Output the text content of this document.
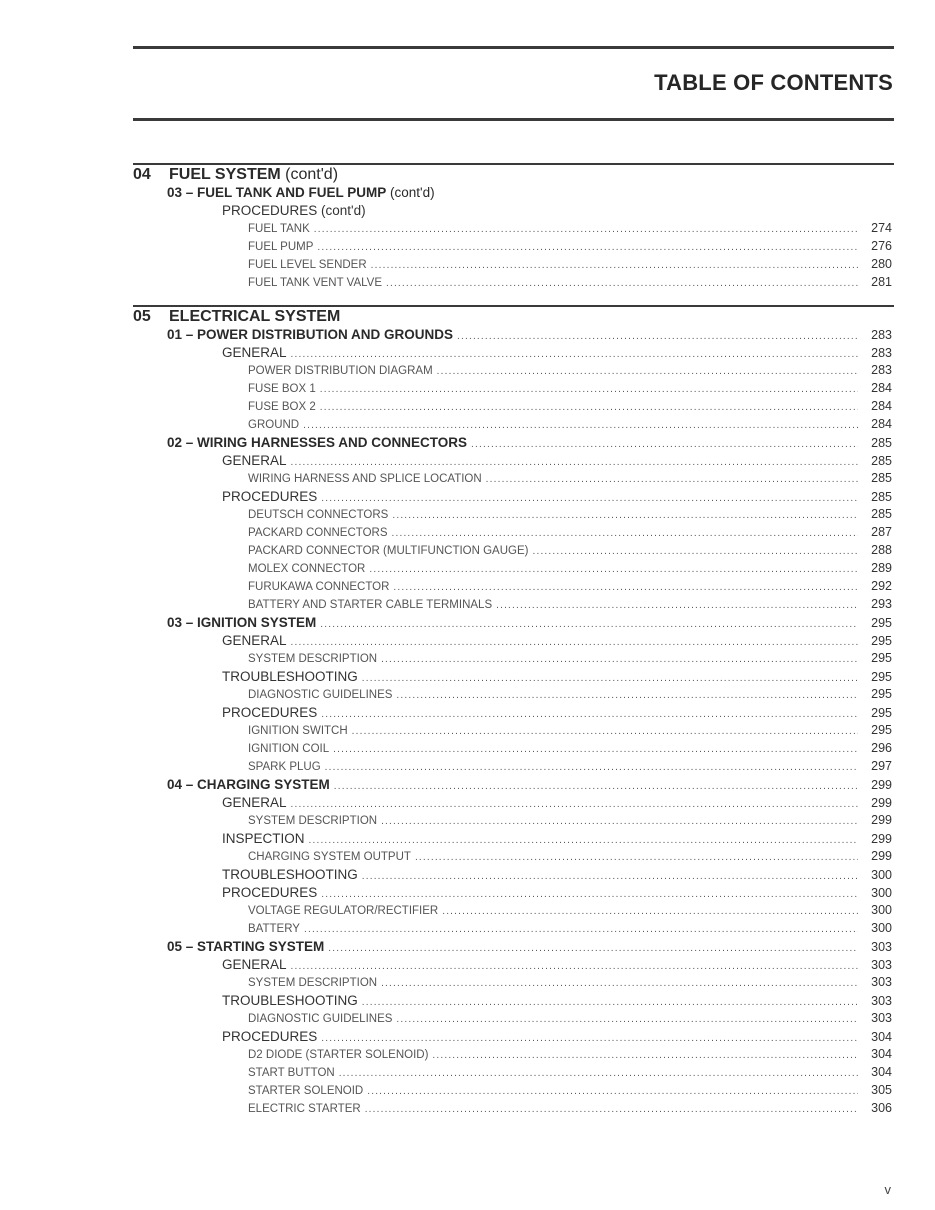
TABLE OF CONTENTS
04 FUEL SYSTEM (cont'd)
03 – FUEL TANK AND FUEL PUMP (cont'd)
PROCEDURES (cont'd)
FUEL TANK .....	274
FUEL PUMP .....	276
FUEL LEVEL SENDER .....	280
FUEL TANK VENT VALVE .....	281
05 ELECTRICAL SYSTEM
01 – POWER DISTRIBUTION AND GROUNDS .....	283
GENERAL .....	283
POWER DISTRIBUTION DIAGRAM .....	283
FUSE BOX 1 .....	284
FUSE BOX 2 .....	284
GROUND .....	284
02 – WIRING HARNESSES AND CONNECTORS .....	285
GENERAL .....	285
WIRING HARNESS AND SPLICE LOCATION .....	285
PROCEDURES .....	285
DEUTSCH CONNECTORS .....	285
PACKARD CONNECTORS .....	287
PACKARD CONNECTOR (MULTIFUNCTION GAUGE) .....	288
MOLEX CONNECTOR .....	289
FURUKAWA CONNECTOR .....	292
BATTERY AND STARTER CABLE TERMINALS .....	293
03 – IGNITION SYSTEM .....	295
GENERAL .....	295
SYSTEM DESCRIPTION .....	295
TROUBLESHOOTING .....	295
DIAGNOSTIC GUIDELINES .....	295
PROCEDURES .....	295
IGNITION SWITCH .....	295
IGNITION COIL .....	296
SPARK PLUG .....	297
04 – CHARGING SYSTEM .....	299
GENERAL .....	299
SYSTEM DESCRIPTION .....	299
INSPECTION .....	299
CHARGING SYSTEM OUTPUT .....	299
TROUBLESHOOTING .....	300
PROCEDURES .....	300
VOLTAGE REGULATOR/RECTIFIER .....	300
BATTERY .....	300
05 – STARTING SYSTEM .....	303
GENERAL .....	303
SYSTEM DESCRIPTION .....	303
TROUBLESHOOTING .....	303
DIAGNOSTIC GUIDELINES .....	303
PROCEDURES .....	304
D2 DIODE (STARTER SOLENOID) .....	304
START BUTTON .....	304
STARTER SOLENOID .....	305
ELECTRIC STARTER .....	306
v
